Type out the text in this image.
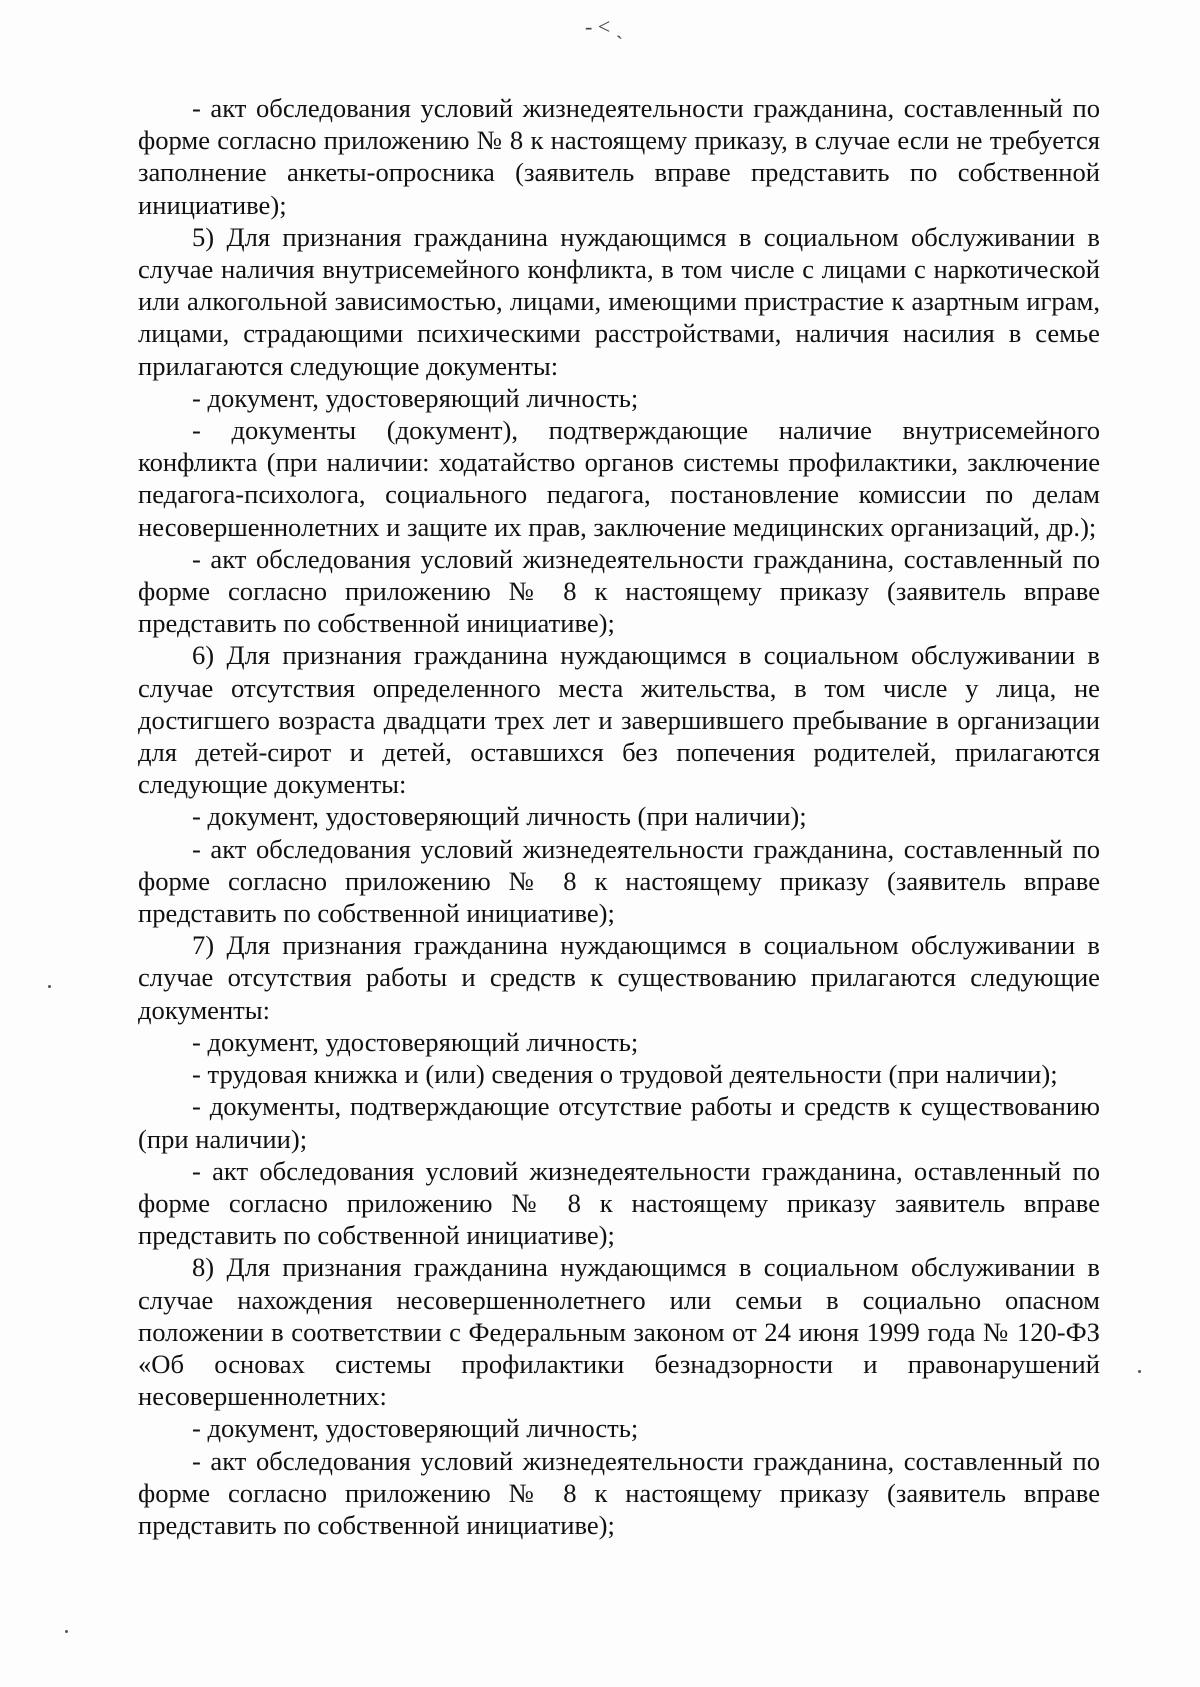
‑ ˂ ˎ

- акт обследования условий жизнедеятельности гражданина, составленный по форме согласно приложению № 8 к настоящему приказу, в случае если не требуется заполнение анкеты-опросника (заявитель вправе представить по собственной инициативе);

5) Для признания гражданина нуждающимся в социальном обслуживании в случае наличия внутрисемейного конфликта, в том числе с лицами с наркотической или алкогольной зависимостью, лицами, имеющими пристрастие к азартным играм, лицами, страдающими психическими расстройствами, наличия насилия в семье прилагаются следующие документы:

- документ, удостоверяющий личность;

- документы (документ), подтверждающие наличие внутрисемейного конфликта (при наличии: ходатайство органов системы профилактики, заключение педагога-психолога, социального педагога, постановление комиссии по делам несовершеннолетних и защите их прав, заключение медицинских организаций, др.);

- акт обследования условий жизнедеятельности гражданина, составленный по форме согласно приложению № 8 к настоящему приказу (заявитель вправе представить по собственной инициативе);

6) Для признания гражданина нуждающимся в социальном обслуживании в случае отсутствия определенного места жительства, в том числе у лица, не достигшего возраста двадцати трех лет и завершившего пребывание в организации для детей-сирот и детей, оставшихся без попечения родителей, прилагаются следующие документы:

- документ, удостоверяющий личность (при наличии);

- акт обследования условий жизнедеятельности гражданина, составленный по форме согласно приложению № 8 к настоящему приказу (заявитель вправе представить по собственной инициативе);

7) Для признания гражданина нуждающимся в социальном обслуживании в случае отсутствия работы и средств к существованию прилагаются следующие документы:

- документ, удостоверяющий личность;

- трудовая книжка и (или) сведения о трудовой деятельности (при наличии);

- документы, подтверждающие отсутствие работы и средств к существованию (при наличии);

- акт обследования условий жизнедеятельности гражданина, оставленный по форме согласно приложению № 8 к настоящему приказу заявитель вправе представить по собственной инициативе);

8) Для признания гражданина нуждающимся в социальном обслуживании в случае нахождения несовершеннолетнего или семьи в социально опасном положении в соответствии с Федеральным законом от 24 июня 1999 года № 120-ФЗ «Об основах системы профилактики безнадзорности и правонарушений несовершеннолетних:

- документ, удостоверяющий личность;

- акт обследования условий жизнедеятельности гражданина, составленный по форме согласно приложению № 8 к настоящему приказу (заявитель вправе представить по собственной инициативе);
